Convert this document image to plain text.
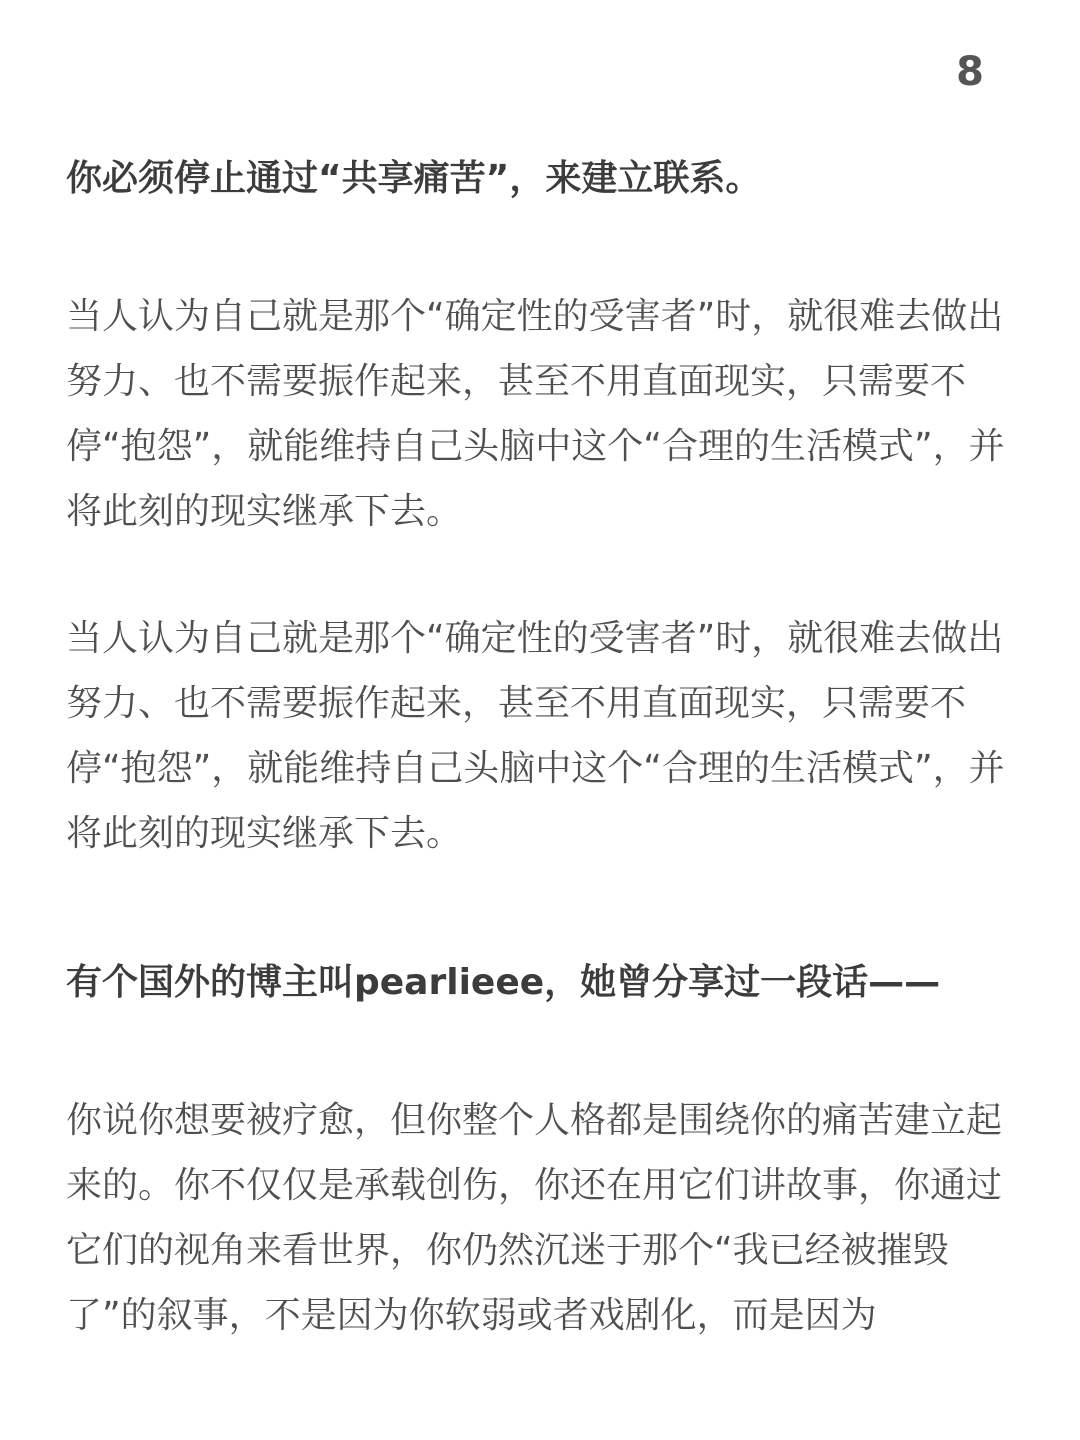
8

你必须停止通过“共享痛苦”，来建立联系。

当人认为自己就是那个“确定性的受害者”时，就很难去做出努力、也不需要振作起来，甚至不用直面现实，只需要不停“抱怨”，就能维持自己头脑中这个“合理的生活模式”，并将此刻的现实继承下去。

当人认为自己就是那个“确定性的受害者”时，就很难去做出努力、也不需要振作起来，甚至不用直面现实，只需要不停“抱怨”，就能维持自己头脑中这个“合理的生活模式”，并将此刻的现实继承下去。

有个国外的博主叫pearlieee，她曾分享过一段话——

你说你想要被疗愈，但你整个人格都是围绕你的痛苦建立起来的。你不仅仅是承载创伤，你还在用它们讲故事，你通过它们的视角来看世界，你仍然沉迷于那个“我已经被摧毁了”的叙事，不是因为你软弱或者戏剧化，而是因为
